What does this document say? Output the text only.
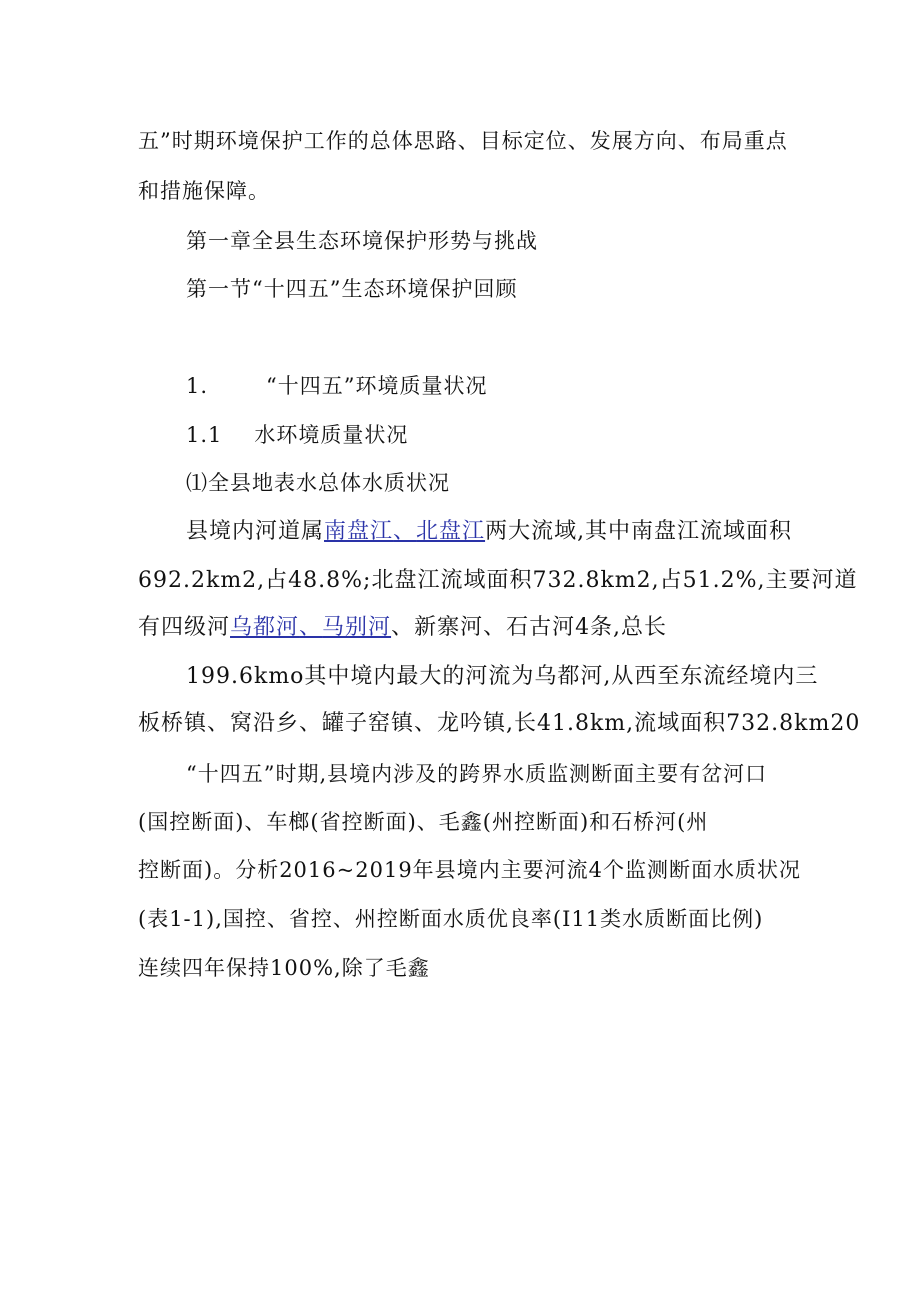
五”时期环境保护工作的总体思路、目标定位、发展方向、布局重点
和措施保障。
第一章全县生态环境保护形势与挑战
第一节“十四五”生态环境保护回顾
1.	“十四五”环境质量状况
1.1 水环境质量状况
⑴全县地表水总体水质状况
县境内河道属南盘江、北盘江两大流域,其中南盘江流域面积
692.2km2,占48.8%;北盘江流域面积732.8km2,占51.2%,主要河道
有四级河乌都河、马别河、新寨河、石古河4条,总长
199.6kmo其中境内最大的河流为乌都河,从西至东流经境内三
板桥镇、窝沿乡、罐子窑镇、龙吟镇,长41.8km,流域面积732.8km20
“十四五”时期,县境内涉及的跨界水质监测断面主要有岔河口
(国控断面)、车榔(省控断面)、毛鑫(州控断面)和石桥河(州
控断面)。分析2016~2019年县境内主要河流4个监测断面水质状况
(表1-1),国控、省控、州控断面水质优良率(I11类水质断面比例)
连续四年保持100%,除了毛鑫
